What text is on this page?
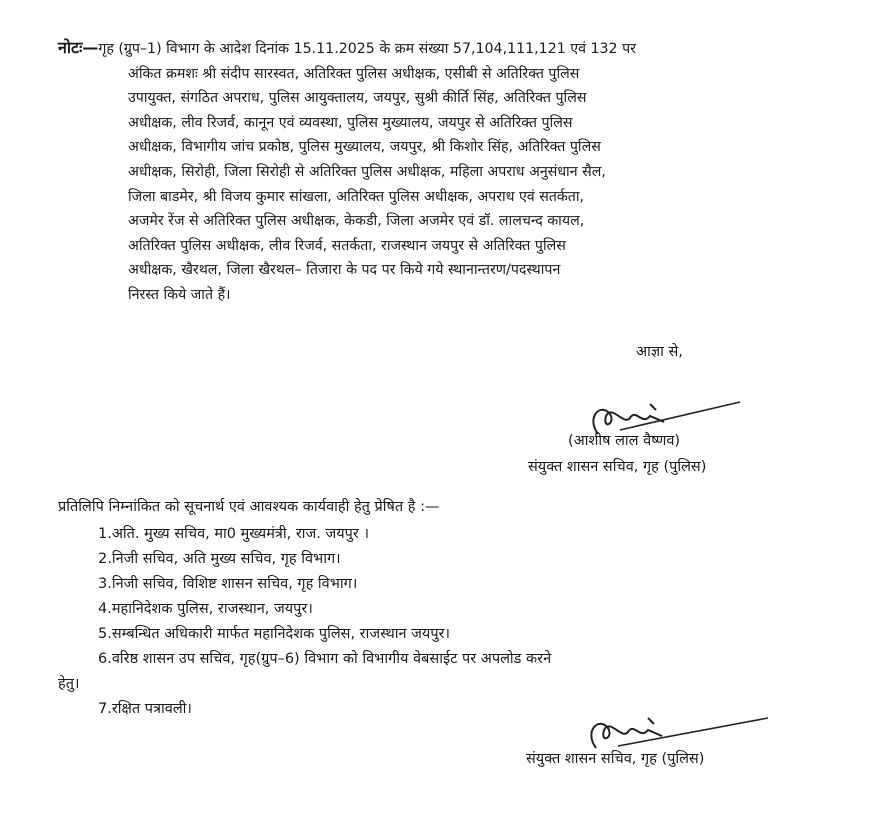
नोटः—गृह (ग्रुप–1) विभाग के आदेश दिनांक 15.11.2025 के क्रम संख्या 57,104,111,121 एवं 132 पर
अंकित क्रमशः श्री संदीप सारस्वत, अतिरिक्त पुलिस अधीक्षक, एसीबी से अतिरिक्त पुलिस
उपायुक्त, संगठित अपराध, पुलिस आयुक्तालय, जयपुर, सुश्री कीर्ति सिंह, अतिरिक्त पुलिस
अधीक्षक, लीव रिजर्व, कानून एवं व्यवस्था, पुलिस मुख्यालय, जयपुर से अतिरिक्त पुलिस
अधीक्षक, विभागीय जांच प्रकोष्ठ, पुलिस मुख्यालय, जयपुर, श्री किशोर सिंह, अतिरिक्त पुलिस
अधीक्षक, सिरोही, जिला सिरोही से अतिरिक्त पुलिस अधीक्षक, महिला अपराध अनुसंधान सैल,
जिला बाडमेर, श्री विजय कुमार सांखला, अतिरिक्त पुलिस अधीक्षक, अपराध एवं सतर्कता,
अजमेर रेंज से अतिरिक्त पुलिस अधीक्षक, केकडी, जिला अजमेर एवं डॉ. लालचन्द कायल,
अतिरिक्त पुलिस अधीक्षक, लीव रिजर्व, सतर्कता, राजस्थान जयपुर से अतिरिक्त पुलिस
अधीक्षक, खैरथल, जिला खैरथल– तिजारा के पद पर किये गये स्थानान्तरण/पदस्थापन
निरस्त किये जाते हैं।
आज्ञा से,
(आशीष लाल वैष्णव)
संयुक्त शासन सचिव, गृह (पुलिस)
प्रतिलिपि निम्नांकित को सूचनार्थ एवं आवश्यक कार्यवाही हेतु प्रेषित है :—
1.अति. मुख्य सचिव, मा0 मुख्यमंत्री, राज. जयपुर ।
2.निजी सचिव, अति मुख्य सचिव, गृह विभाग।
3.निजी सचिव, विशिष्ट शासन सचिव, गृह विभाग।
4.महानिदेशक पुलिस, राजस्थान, जयपुर।
5.सम्बन्धित अधिकारी मार्फत महानिदेशक पुलिस, राजस्थान जयपुर।
6.वरिष्ठ शासन उप सचिव, गृह(ग्रुप–6) विभाग को विभागीय वेबसाईट पर अपलोड करने
हेतु।
7.रक्षित पत्रावली।
संयुक्त शासन सचिव, गृह (पुलिस)
